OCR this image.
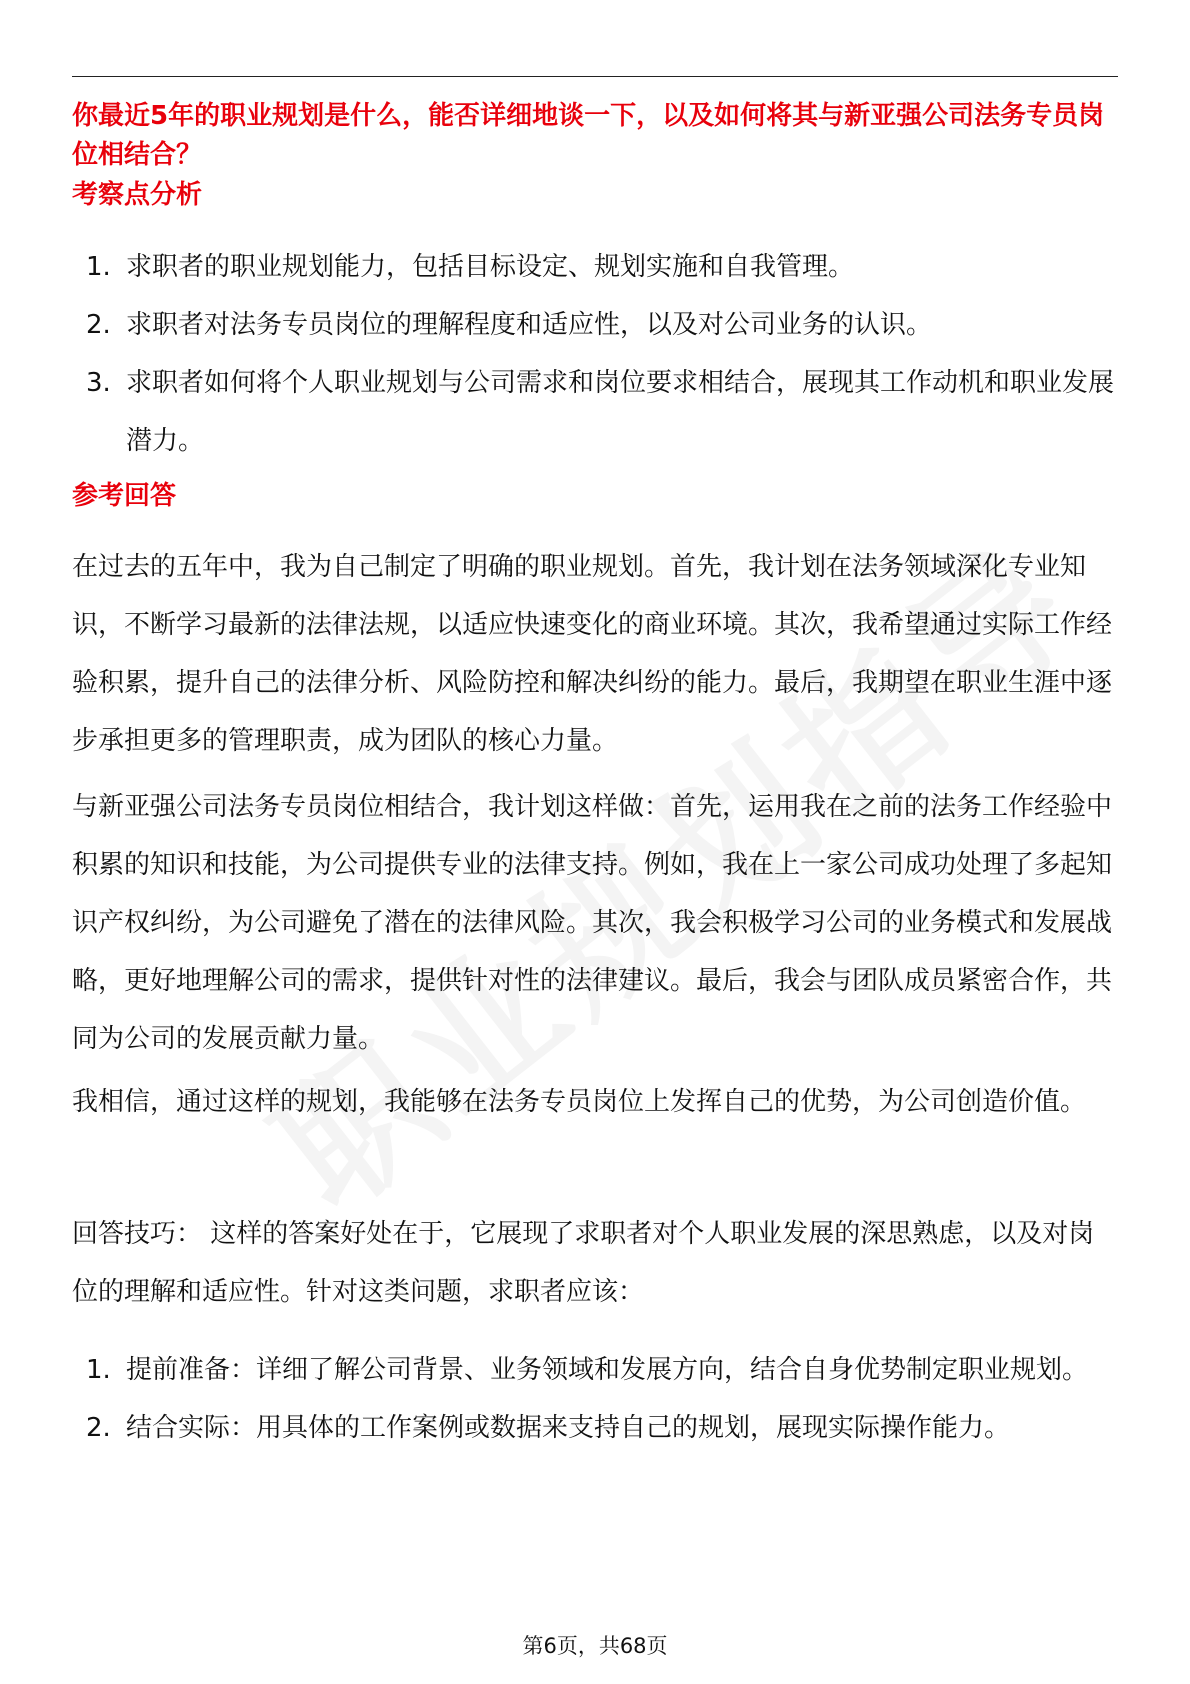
你最近5年的职业规划是什么，能否详细地谈一下，以及如何将其与新亚强公司法务专员岗位相结合？

考察点分析

1. 求职者的职业规划能力，包括目标设定、规划实施和自我管理。
2. 求职者对法务专员岗位的理解程度和适应性，以及对公司业务的认识。
3. 求职者如何将个人职业规划与公司需求和岗位要求相结合，展现其工作动机和职业发展潜力。

参考回答

在过去的五年中，我为自己制定了明确的职业规划。首先，我计划在法务领域深化专业知识，不断学习最新的法律法规，以适应快速变化的商业环境。其次，我希望通过实际工作经验积累，提升自己的法律分析、风险防控和解决纠纷的能力。最后，我期望在职业生涯中逐步承担更多的管理职责，成为团队的核心力量。

与新亚强公司法务专员岗位相结合，我计划这样做：首先，运用我在之前的法务工作经验中积累的知识和技能，为公司提供专业的法律支持。例如，我在上一家公司成功处理了多起知识产权纠纷，为公司避免了潜在的法律风险。其次，我会积极学习公司的业务模式和发展战略，更好地理解公司的需求，提供针对性的法律建议。最后，我会与团队成员紧密合作，共同为公司的发展贡献力量。

我相信，通过这样的规划，我能够在法务专员岗位上发挥自己的优势，为公司创造价值。

回答技巧： 这样的答案好处在于，它展现了求职者对个人职业发展的深思熟虑，以及对岗位的理解和适应性。针对这类问题，求职者应该：

1. 提前准备：详细了解公司背景、业务领域和发展方向，结合自身优势制定职业规划。
2. 结合实际：用具体的工作案例或数据来支持自己的规划，展现实际操作能力。
第6页，共68页
